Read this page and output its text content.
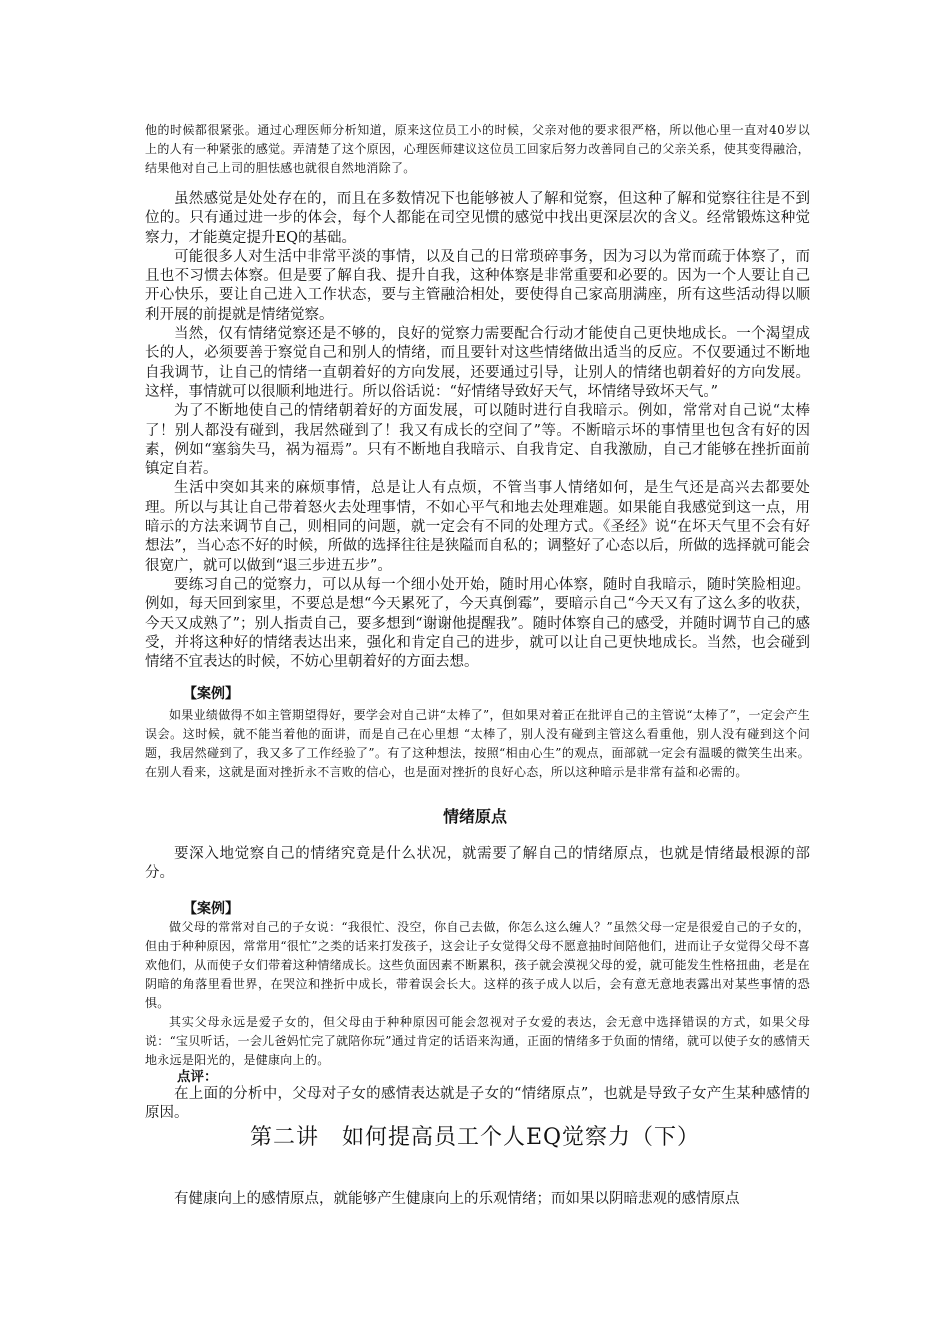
他的时候都很紧张。通过心理医师分析知道，原来这位员工小的时候，父亲对他的要求很严格，所以他心里一直对40岁以上的人有一种紧张的感觉。弄清楚了这个原因，心理医师建议这位员工回家后努力改善同自己的父亲关系，使其变得融洽，结果他对自己上司的胆怯感也就很自然地消除了。

虽然感觉是处处存在的，而且在多数情况下也能够被人了解和觉察，但这种了解和觉察往往是不到位的。只有通过进一步的体会，每个人都能在司空见惯的感觉中找出更深层次的含义。经常锻炼这种觉察力，才能奠定提升EQ的基础。

可能很多人对生活中非常平淡的事情，以及自己的日常琐碎事务，因为习以为常而疏于体察了，而且也不习惯去体察。但是要了解自我、提升自我，这种体察是非常重要和必要的。因为一个人要让自己开心快乐，要让自己进入工作状态，要与主管融洽相处，要使得自己家高朋满座，所有这些活动得以顺利开展的前提就是情绪觉察。

当然，仅有情绪觉察还是不够的，良好的觉察力需要配合行动才能使自己更快地成长。一个渴望成长的人，必须要善于察觉自己和别人的情绪，而且要针对这些情绪做出适当的反应。不仅要通过不断地自我调节，让自己的情绪一直朝着好的方向发展，还要通过引导，让别人的情绪也朝着好的方向发展。这样，事情就可以很顺利地进行。所以俗话说：“好情绪导致好天气，坏情绪导致坏天气。”

为了不断地使自己的情绪朝着好的方面发展，可以随时进行自我暗示。例如，常常对自己说“太棒了！别人都没有碰到，我居然碰到了！我又有成长的空间了”等。不断暗示坏的事情里也包含有好的因素，例如“塞翁失马，祸为福焉”。只有不断地自我暗示、自我肯定、自我激励，自己才能够在挫折面前镇定自若。

生活中突如其来的麻烦事情，总是让人有点烦，不管当事人情绪如何，是生气还是高兴去都要处理。所以与其让自己带着怒火去处理事情，不如心平气和地去处理难题。如果能自我感觉到这一点，用暗示的方法来调节自己，则相同的问题，就一定会有不同的处理方式。《圣经》说“在坏天气里不会有好想法”，当心态不好的时候，所做的选择往往是狭隘而自私的；调整好了心态以后，所做的选择就可能会很宽广，就可以做到“退三步进五步”。

要练习自己的觉察力，可以从每一个细小处开始，随时用心体察，随时自我暗示，随时笑脸相迎。例如，每天回到家里，不要总是想“今天累死了，今天真倒霉”，要暗示自己“今天又有了这么多的收获，今天又成熟了”；别人指责自己，要多想到“谢谢他提醒我”。随时体察自己的感受，并随时调节自己的感受，并将这种好的情绪表达出来，强化和肯定自己的进步，就可以让自己更快地成长。当然，也会碰到情绪不宜表达的时候，不妨心里朝着好的方面去想。

【案例】

如果业绩做得不如主管期望得好，要学会对自己讲“太棒了”，但如果对着正在批评自己的主管说“太棒了”，一定会产生误会。这时候，就不能当着他的面讲，而是自己在心里想 “太棒了，别人没有碰到主管这么看重他，别人没有碰到这个问题，我居然碰到了，我又多了工作经验了”。有了这种想法，按照“相由心生”的观点，面部就一定会有温暖的微笑生出来。在别人看来，这就是面对挫折永不言败的信心，也是面对挫折的良好心态，所以这种暗示是非常有益和必需的。

情绪原点

要深入地觉察自己的情绪究竟是什么状况，就需要了解自己的情绪原点，也就是情绪最根源的部分。

【案例】

做父母的常常对自己的子女说：“我很忙、没空，你自己去做，你怎么这么缠人？”虽然父母一定是很爱自己的子女的，但由于种种原因，常常用“很忙”之类的话来打发孩子，这会让子女觉得父母不愿意抽时间陪他们，进而让子女觉得父母不喜欢他们，从而使子女们带着这种情绪成长。这些负面因素不断累积，孩子就会漠视父母的爱，就可能发生性格扭曲，老是在阴暗的角落里看世界，在哭泣和挫折中成长，带着误会长大。这样的孩子成人以后，会有意无意地表露出对某些事情的恐惧。

其实父母永远是爱子女的，但父母由于种种原因可能会忽视对子女爱的表达，会无意中选择错误的方式，如果父母说：“宝贝听话，一会儿爸妈忙完了就陪你玩”通过肯定的话语来沟通，正面的情绪多于负面的情绪，就可以使子女的感情天地永远是阳光的，是健康向上的。

点评：

在上面的分析中，父母对子女的感情表达就是子女的“情绪原点”，也就是导致子女产生某种感情的原因。

第二讲　如何提高员工个人EQ觉察力（下）

有健康向上的感情原点，就能够产生健康向上的乐观情绪；而如果以阴暗悲观的感情原点
